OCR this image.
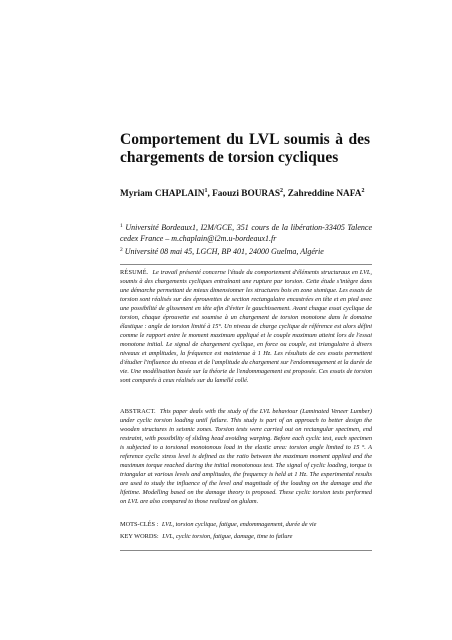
Comportement du LVL soumis à des chargements de torsion cycliques
Myriam CHAPLAIN$^1$, Faouzi BOURAS$^2$, Zahreddine NAFA$^2$
$^1$ Université Bordeaux1, I2M/GCE, 351 cours de la libération-33405 Talence cedex France – m.chaplain@i2m.u-bordeaux1.fr
$^2$ Université 08 mai 45, LGCH, BP 401, 24000 Guelma, Algérie

RÉSUMÉ. Le travail présenté concerne l'étude du comportement d'éléments structuraux en LVL, soumis à des chargements cycliques entraînant une rupture par torsion. Cette étude s'intègre dans une démarche permettant de mieux dimensionner les structures bois en zone sismique. Les essais de torsion sont réalisés sur des éprouvettes de section rectangulaire encastrées en tête et en pied avec une possibilité de glissement en tête afin d'éviter le gauchissement. Avant chaque essai cyclique de torsion, chaque éprouvette est soumise à un chargement de torsion monotone dans le domaine élastique : angle de torsion limité à 15°. Un niveau de charge cyclique de référence est alors défini comme le rapport entre le moment maximum appliqué et le couple maximum atteint lors de l'essai monotone initial. Le signal de chargement cyclique, en force ou couple, est triangulaire à divers niveaux et amplitudes, la fréquence est maintenue à 1 Hz. Les résultats de ces essais permettent d'étudier l'influence du niveau et de l'amplitude du chargement sur l'endommagement et la durée de vie. Une modélisation basée sur la théorie de l'endommagement est proposée. Ces essais de torsion sont comparés à ceux réalisés sur du lamellé collé.

ABSTRACT. This paper deals with the study of the LVL behaviour (Laminated Veneer Lumber) under cyclic torsion loading until failure. This study is part of an approach to better design the wooden structures in seismic zones. Torsion tests were carried out on rectangular specimen, end restraint, with possibility of sliding head avoiding warping. Before each cyclic test, each specimen is subjected to a torsional monotonous load in the elastic area: torsion angle limited to 15 °. A reference cyclic stress level is defined as the ratio between the maximum moment applied and the maximum torque reached during the initial monotonous test. The signal of cyclic loading, torque is triangular at various levels and amplitudes, the frequency is held at 1 Hz. The experimental results are used to study the influence of the level and magnitude of the loading on the damage and the lifetime. Modelling based on the damage theory is proposed. These cyclic torsion tests performed on LVL are also compared to those realized on glulam.

MOTS-CLÉS : LVL, torsion cyclique, fatigue, endommagement, durée de vie

KEY WORDS: LVL, cyclic torsion, fatigue, damage, time to failure
